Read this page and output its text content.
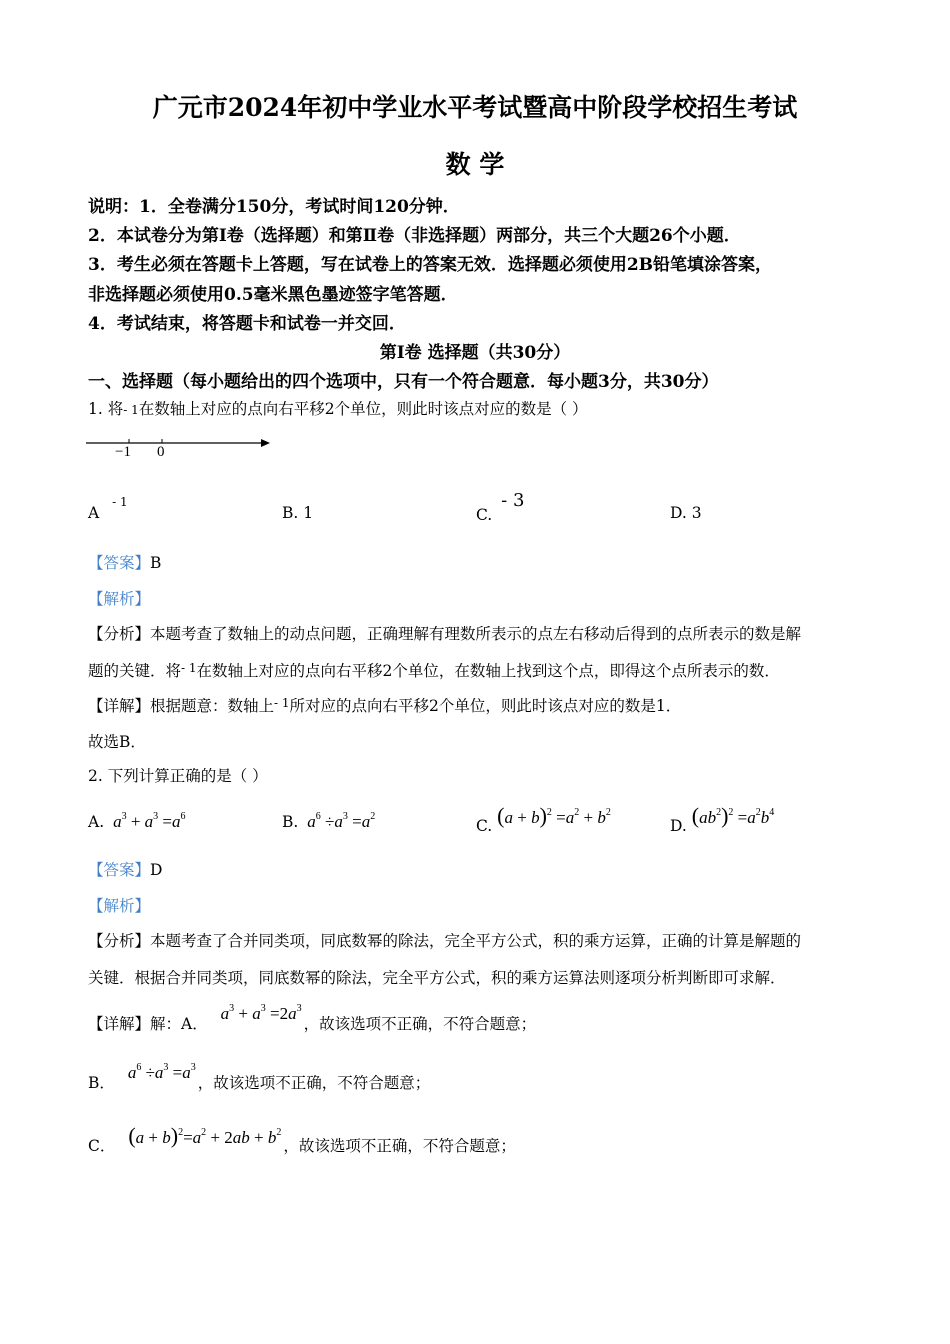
广元市2024年初中学业水平考试暨高中阶段学校招生考试
数 学
说明：1．全卷满分150分，考试时间120分钟．
2．本试卷分为第Ⅰ卷（选择题）和第Ⅱ卷（非选择题）两部分，共三个大题26个小题．
3．考生必须在答题卡上答题，写在试卷上的答案无效．选择题必须使用2B铅笔填涂答案，
非选择题必须使用0.5毫米黑色墨迹签字笔答题．
4．考试结束，将答题卡和试卷一并交回．
第Ⅰ卷 选择题（共30分）
一、选择题（每小题给出的四个选项中，只有一个符合题意．每小题3分，共30分）
1. 将- 1在数轴上对应的点向右平移2个单位，则此时该点对应的数是（ ）
−1 0
A $^{- 1}$
B. 1	C. - 3
D. 3
【答案】B
【解析】
【分析】本题考查了数轴上的动点问题，正确理解有理数所表示的点左右移动后得到的点所表示的数是解
题的关键．将$^{- 1}$在数轴上对应的点向右平移2个单位，在数轴上找到这个点，即得这个点所表示的数．
【详解】根据题意：数轴上$^{- 1}$所对应的点向右平移2个单位，则此时该点对应的数是1．
故选B．
2. 下列计算正确的是（ ）
A. $a^3 + a^3 =a^6$	B. $a^6 \div a^3 =a^2$
C. $(a + b)^2 =a^2 + b^2$
D. $(ab^2)^2 =a^2b^4$
【答案】D
【解析】
【分析】本题考查了合并同类项，同底数幂的除法，完全平方公式，积的乘方运算，正确的计算是解题的
关键．根据合并同类项，同底数幂的除法，完全平方公式，积的乘方运算法则逐项分析判断即可求解．
【详解】解：A． $a^3 + a^3 =2a^3$，故该选项不正确，不符合题意；
B． $a^6 \div a^3 =a^3$，故该选项不正确，不符合题意；
C． $(a + b)^2=a^2 + 2ab + b^2$，故该选项不正确，不符合题意；
